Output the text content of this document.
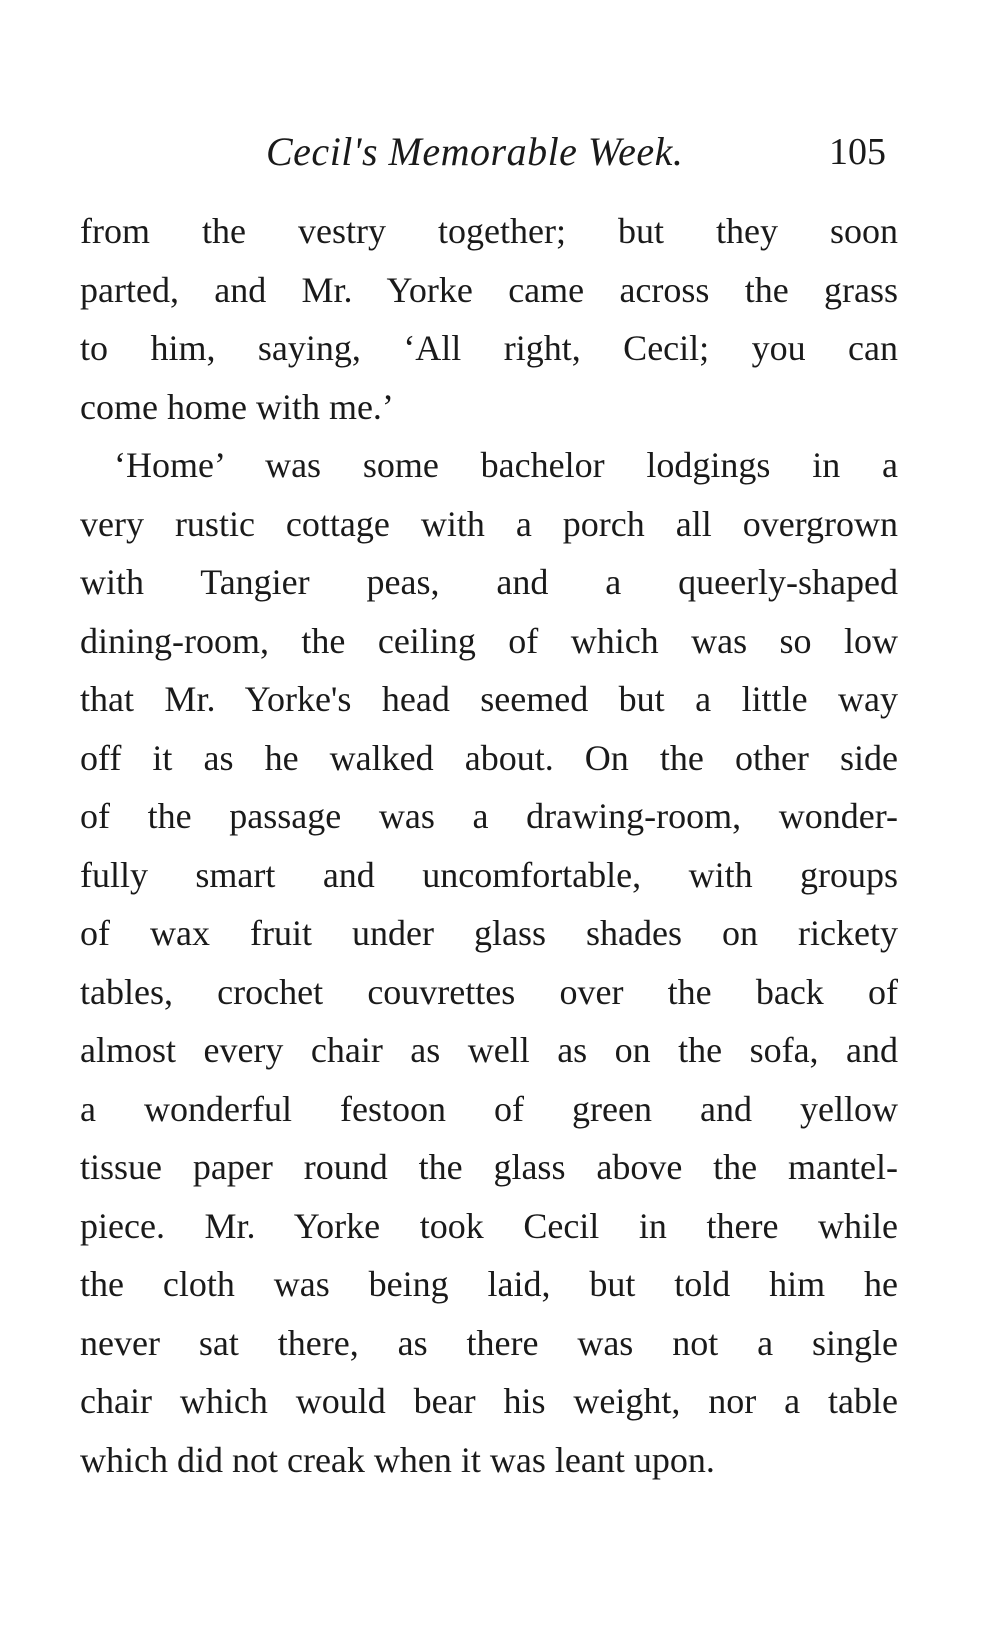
Cecil's Memorable Week.	105
from the vestry together; but they soon
parted, and Mr. Yorke came across the grass
to him, saying, ‘All right, Cecil; you can
come home with me.’
‘Home’ was some bachelor lodgings in a
very rustic cottage with a porch all overgrown
with Tangier peas, and a queerly-shaped
dining-room, the ceiling of which was so low
that Mr. Yorke's head seemed but a little way
off it as he walked about. On the other side
of the passage was a drawing-room, wonder-
fully smart and uncomfortable, with groups
of wax fruit under glass shades on rickety
tables, crochet couvrettes over the back of
almost every chair as well as on the sofa, and
a wonderful festoon of green and yellow
tissue paper round the glass above the mantel-
piece. Mr. Yorke took Cecil in there while
the cloth was being laid, but told him he
never sat there, as there was not a single
chair which would bear his weight, nor a table
which did not creak when it was leant upon.
